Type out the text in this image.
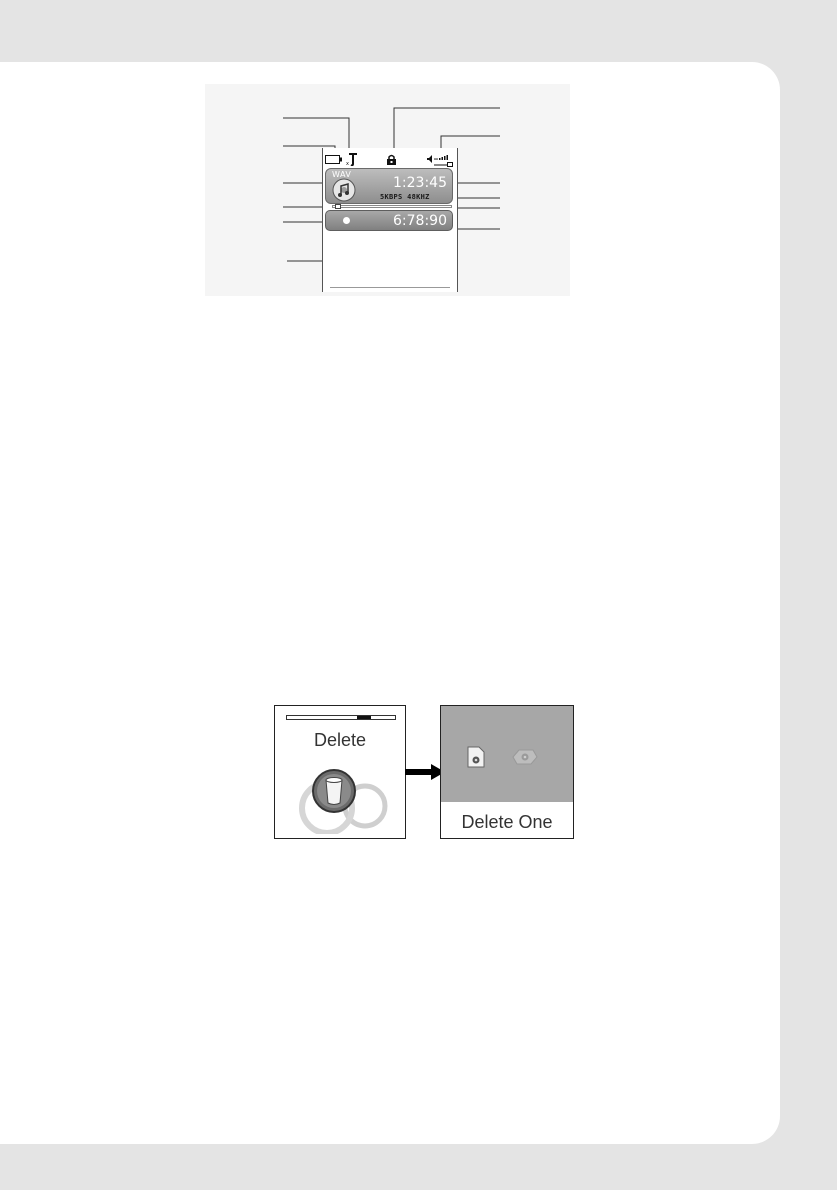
x
WAV
1:23:45
5KBPS 48KHZ
6:78:90
Delete
Delete One
